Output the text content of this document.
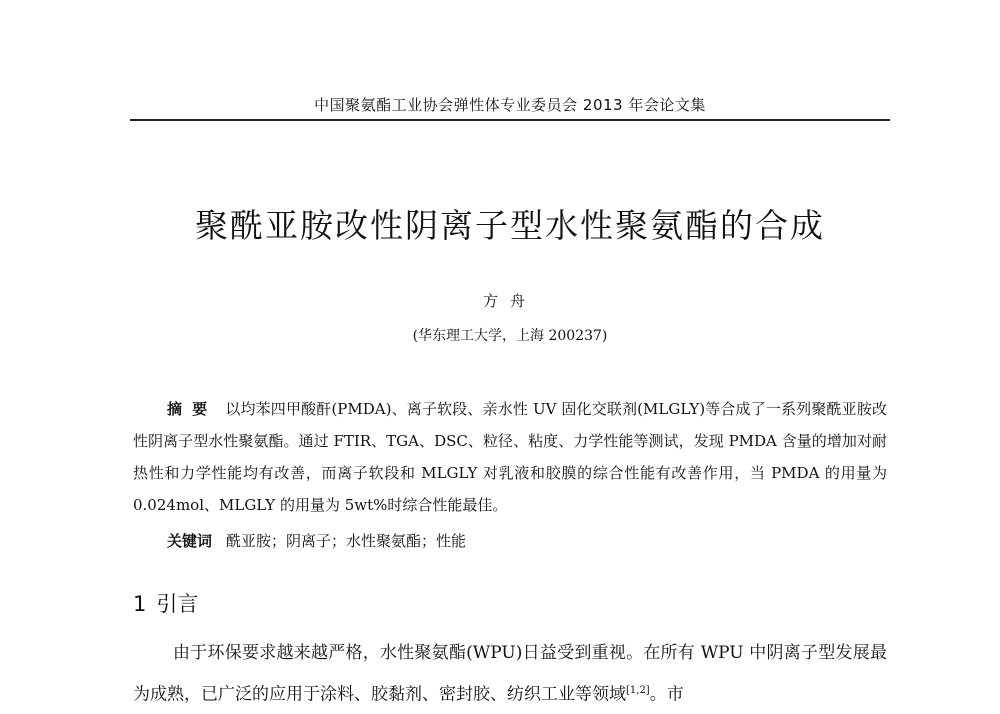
中国聚氨酯工业协会弹性体专业委员会 2013 年会论文集
聚酰亚胺改性阴离子型水性聚氨酯的合成
方舟
(华东理工大学，上海 200237)
摘要 以均苯四甲酸酐(PMDA)、离子软段、亲水性 UV 固化交联剂(MLGLY)等合成了一系列聚酰亚胺改性阴离子型水性聚氨酯。通过 FTIR、TGA、DSC、粒径、粘度、力学性能等测试，发现 PMDA 含量的增加对耐热性和力学性能均有改善，而离子软段和 MLGLY 对乳液和胶膜的综合性能有改善作用，当 PMDA 的用量为 0.024mol、MLGLY 的用量为 5wt%时综合性能最佳。
关键词 酰亚胺；阴离子；水性聚氨酯；性能
1 引言
由于环保要求越来越严格，水性聚氨酯(WPU)日益受到重视。在所有 WPU 中阴离子型发展最为成熟，已广泛的应用于涂料、胶黏剂、密封胶、纺织工业等领域[1,2]。市
